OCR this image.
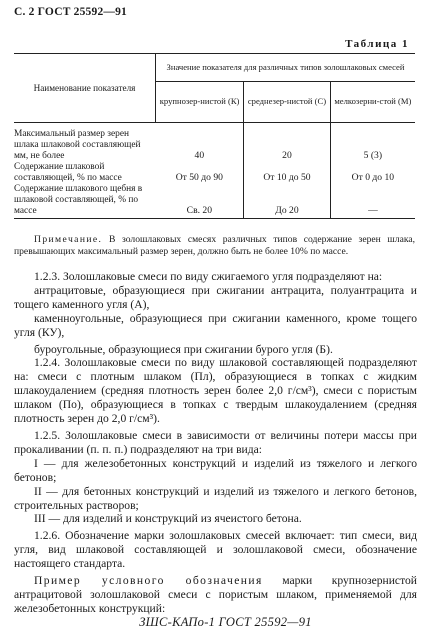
С. 2 ГОСТ 25592—91
Таблица 1
Наименование показателя	Значение показателя для различных типов золошлаковых смесей		
	крупнозер-нистой (К)	среднезер-нистой (С)	мелкозерни-стой (М)
Максимальный размер зерен шлака шлаковой составляющей мм, не более	40	20	5 (3)
Содержание шлаковой составляющей, % по массе	От 50 до 90	От 10 до 50	От 0 до 10
Содержание шлакового щебня в шлаковой составляющей, % по массе	Св. 20	До 20	—
Примечание. В золошлаковых смесях различных типов содержание зерен шлака, превышающих максимальный размер зерен, должно быть не более 10% по массе.

1.2.3. Золошлаковые смеси по виду сжигаемого угля подразделяют на:

антрацитовые, образующиеся при сжигании антрацита, полуантрацита и тощего каменного угля (А),

каменноугольные, образующиеся при сжигании каменного, кроме тощего угля (КУ),

буроугольные, образующиеся при сжигании бурого угля (Б).

1.2.4. Золошлаковые смеси по виду шлаковой составляющей подразделяют на: смеси с плотным шлаком (Пл), образующиеся в топках с жидким шлакоудалением (средняя плотность зерен более 2,0 г/см³), смеси с пористым шлаком (По), образующиеся в топках с твердым шлакоудалением (средняя плотность зерен до 2,0 г/см³).

1.2.5. Золошлаковые смеси в зависимости от величины потери массы при прокаливании (п. п. п.) подразделяют на три вида:

I — для железобетонных конструкций и изделий из тяжелого и легкого бетонов;

II — для бетонных конструкций и изделий из тяжелого и легкого бетонов, строительных растворов;

III — для изделий и конструкций из ячеистого бетона.

1.2.6. Обозначение марки золошлаковых смесей включает: тип смеси, вид угля, вид шлаковой составляющей и золошлаковой смеси, обозначение настоящего стандарта.

Пример условного обозначения марки крупнозернистой антрацитовой золошлаковой смеси с пористым шлаком, применяемой для железобетонных конструкций:

ЗШС-КАПо-1 ГОСТ 25592—91
